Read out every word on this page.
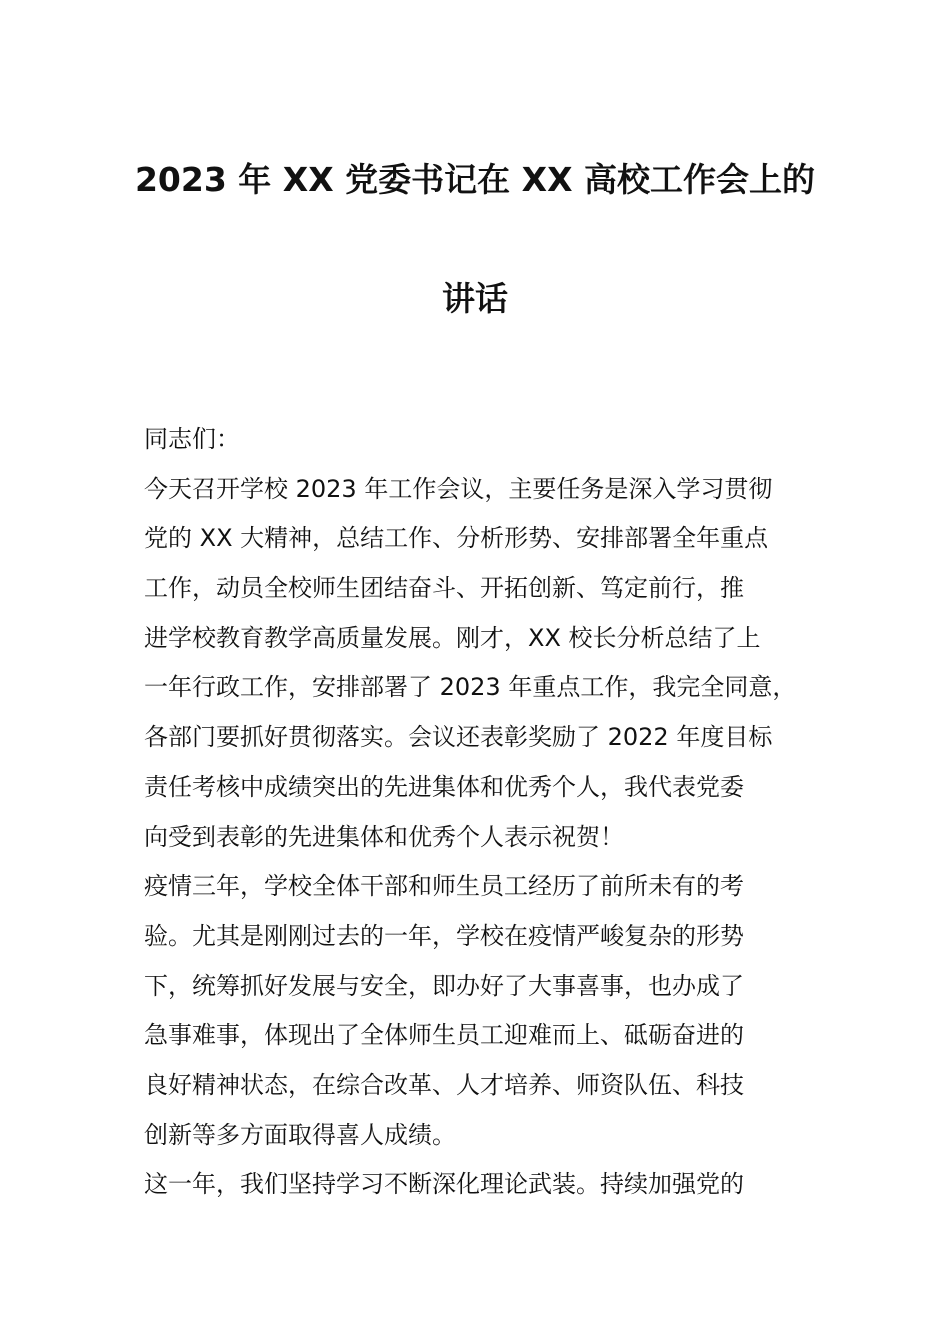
2023 年 XX 党委书记在 XX 高校工作会上的
讲话
同志们：
今天召开学校 2023 年工作会议，主要任务是深入学习贯彻
党的 XX 大精神，总结工作、分析形势、安排部署全年重点
工作，动员全校师生团结奋斗、开拓创新、笃定前行，推
进学校教育教学高质量发展。刚才，XX 校长分析总结了上
一年行政工作，安排部署了 2023 年重点工作，我完全同意，
各部门要抓好贯彻落实。会议还表彰奖励了 2022 年度目标
责任考核中成绩突出的先进集体和优秀个人，我代表党委
向受到表彰的先进集体和优秀个人表示祝贺！
疫情三年，学校全体干部和师生员工经历了前所未有的考
验。尤其是刚刚过去的一年，学校在疫情严峻复杂的形势
下，统筹抓好发展与安全，即办好了大事喜事，也办成了
急事难事，体现出了全体师生员工迎难而上、砥砺奋进的
良好精神状态，在综合改革、人才培养、师资队伍、科技
创新等多方面取得喜人成绩。
这一年，我们坚持学习不断深化理论武装。持续加强党的
